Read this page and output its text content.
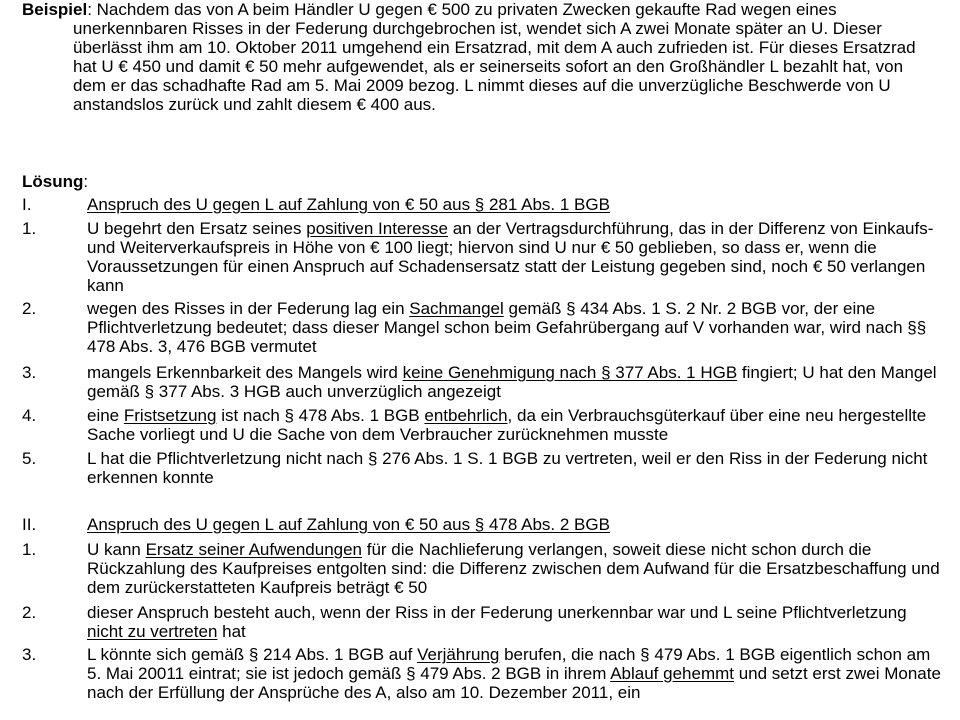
Beispiel: Nachdem das von A beim Händler U gegen € 500 zu privaten Zwecken gekaufte Rad wegen eines unerkennbaren Risses in der Federung durchgebrochen ist, wendet sich A zwei Monate später an U. Dieser überlässt ihm am 10. Oktober 2011 umgehend ein Ersatzrad, mit dem A auch zufrieden ist. Für dieses Ersatzrad hat U € 450 und damit € 50 mehr aufgewendet, als er seinerseits sofort an den Großhändler L bezahlt hat, von dem er das schadhafte Rad am 5. Mai 2009 bezog. L nimmt dieses auf die unverzügliche Beschwerde von U anstandslos zurück und zahlt diesem € 400 aus.
Lösung:
I.	Anspruch des U gegen L auf Zahlung von € 50 aus § 281 Abs. 1 BGB
1.	U begehrt den Ersatz seines positiven Interesse an der Vertragsdurchführung, das in der Differenz von Einkaufs- und Weiterverkaufspreis in Höhe von € 100 liegt; hiervon sind U nur € 50 geblieben, so dass er, wenn die Voraussetzungen für einen Anspruch auf Schadensersatz statt der Leistung gegeben sind, noch € 50 verlangen kann
2.	wegen des Risses in der Federung lag ein Sachmangel gemäß § 434 Abs. 1 S. 2 Nr. 2 BGB vor, der eine Pflichtverletzung bedeutet; dass dieser Mangel schon beim Gefahrübergang auf V vorhanden war, wird nach §§ 478 Abs. 3, 476 BGB vermutet
3.	mangels Erkennbarkeit des Mangels wird keine Genehmigung nach § 377 Abs. 1 HGB fingiert; U hat den Mangel gemäß § 377 Abs. 3 HGB auch unverzüglich angezeigt
4.	eine Fristsetzung ist nach § 478 Abs. 1 BGB entbehrlich, da ein Verbrauchsgüterkauf über eine neu hergestellte Sache vorliegt und U die Sache von dem Verbraucher zurücknehmen musste
5.	L hat die Pflichtverletzung nicht nach § 276 Abs. 1 S. 1 BGB zu vertreten, weil er den Riss in der Federung nicht erkennen konnte
II.	Anspruch des U gegen L auf Zahlung von € 50 aus § 478 Abs. 2 BGB
1.	U kann Ersatz seiner Aufwendungen für die Nachlieferung verlangen, soweit diese nicht schon durch die Rückzahlung des Kaufpreises entgolten sind: die Differenz zwischen dem Aufwand für die Ersatzbeschaffung und dem zurückerstatteten Kaufpreis beträgt € 50
2.	dieser Anspruch besteht auch, wenn der Riss in der Federung unerkennbar war und L seine Pflichtverletzung nicht zu vertreten hat
3.	L könnte sich gemäß § 214 Abs. 1 BGB auf Verjährung berufen, die nach § 479 Abs. 1 BGB eigentlich schon am 5. Mai 20011 eintrat; sie ist jedoch gemäß § 479 Abs. 2 BGB in ihrem Ablauf gehemmt und setzt erst zwei Monate nach der Erfüllung der Ansprüche des A, also am 10. Dezember 2011, ein
